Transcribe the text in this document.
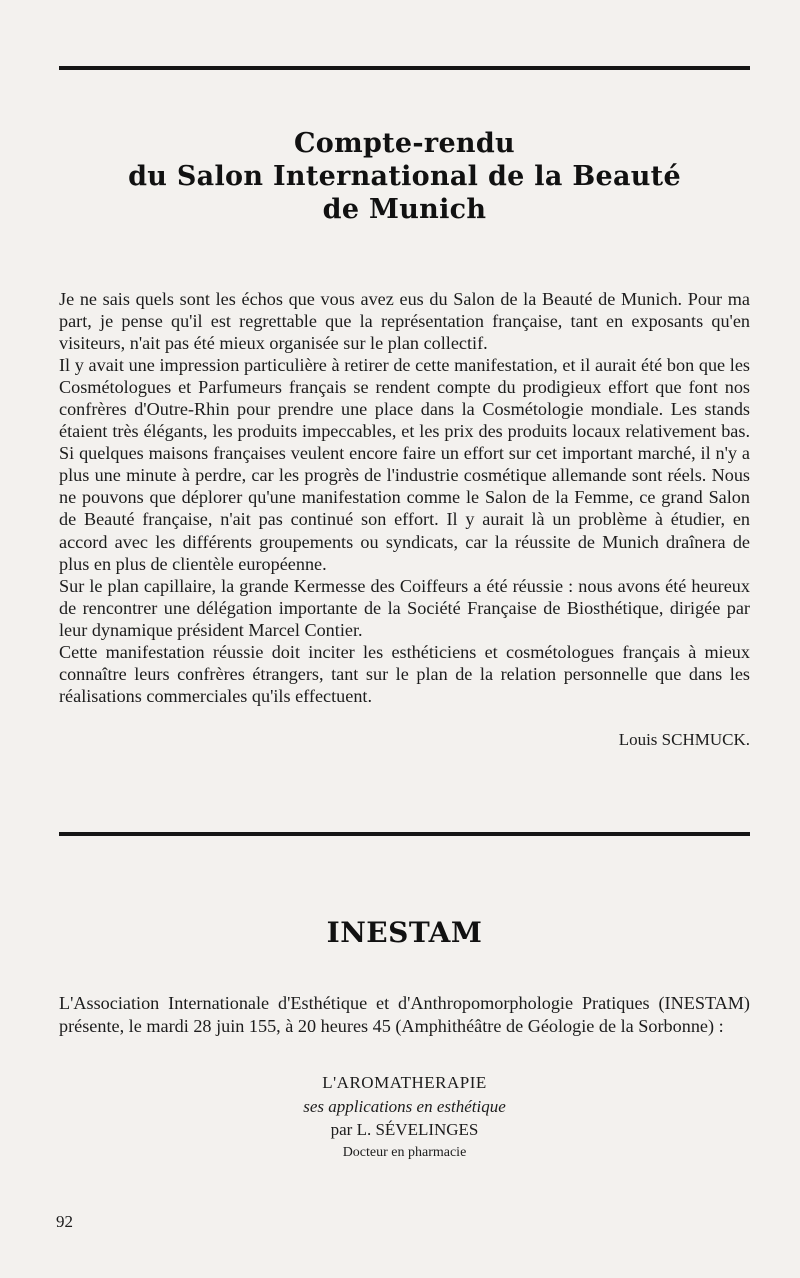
Compte-rendu
du Salon International de la Beauté
de Munich

Je ne sais quels sont les échos que vous avez eus du Salon de la Beauté de Munich. Pour ma part, je pense qu'il est regrettable que la représentation française, tant en exposants qu'en visiteurs, n'ait pas été mieux organisée sur le plan collectif.

Il y avait une impression particulière à retirer de cette manifestation, et il aurait été bon que les Cosmétologues et Parfumeurs français se rendent compte du prodigieux effort que font nos confrères d'Outre-Rhin pour prendre une place dans la Cosmétologie mondiale. Les stands étaient très élégants, les produits impeccables, et les prix des produits locaux relativement bas. Si quelques maisons françaises veulent encore faire un effort sur cet important marché, il n'y a plus une minute à perdre, car les progrès de l'industrie cosmétique allemande sont réels. Nous ne pouvons que déplorer qu'une manifestation comme le Salon de la Femme, ce grand Salon de Beauté française, n'ait pas continué son effort. Il y aurait là un problème à étudier, en accord avec les différents groupements ou syndicats, car la réussite de Munich draînera de plus en plus de clientèle européenne.

Sur le plan capillaire, la grande Kermesse des Coiffeurs a été réussie : nous avons été heureux de rencontrer une délégation importante de la Société Française de Biosthétique, dirigée par leur dynamique président Marcel Contier.

Cette manifestation réussie doit inciter les esthéticiens et cosmétologues français à mieux connaître leurs confrères étrangers, tant sur le plan de la relation personnelle que dans les réalisations commerciales qu'ils effectuent.

Louis SCHMUCK.
INESTAM

L'Association Internationale d'Esthétique et d'Anthropomorphologie Pratiques (INESTAM) présente, le mardi 28 juin 155, à 20 heures 45 (Amphithéâtre de Géologie de la Sorbonne) :

L'AROMATHERAPIE
ses applications en esthétique
par L. SÉVELINGES
Docteur en pharmacie
92
